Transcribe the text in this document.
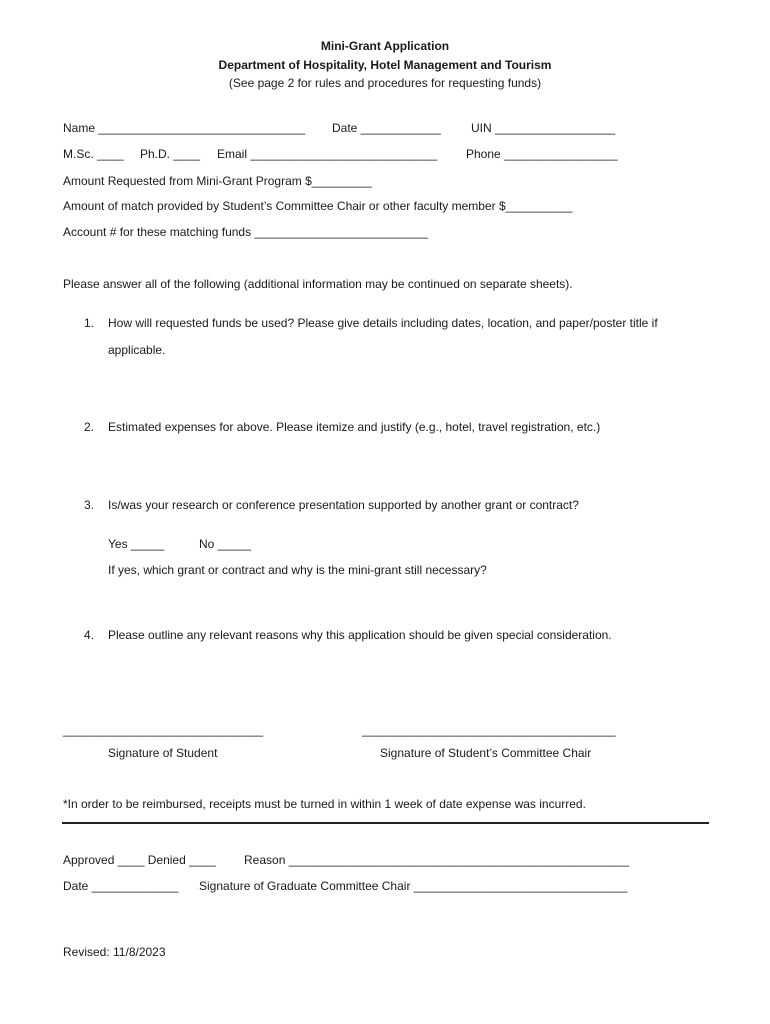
Mini-Grant Application
Department of Hospitality, Hotel Management and Tourism
(See page 2 for rules and procedures for requesting funds)
Name _______________________________ Date ____________	UIN __________________
M.Sc. ____ Ph.D. ____ Email ____________________________ Phone _________________
Amount Requested from Mini-Grant Program $_________
Amount of match provided by Student’s Committee Chair or other faculty member $__________
Account # for these matching funds __________________________
Please answer all of the following (additional information may be continued on separate sheets).
1. How will requested funds be used? Please give details including dates, location, and paper/poster title if
applicable.
2. Estimated expenses for above. Please itemize and justify (e.g., hotel, travel registration, etc.)
3. Is/was your research or conference presentation supported by another grant or contract?
Yes _____	No _____
If yes, which grant or contract and why is the mini-grant still necessary?
4. Please outline any relevant reasons why this application should be given special consideration.
______________________________	______________________________________
Signature of Student	Signature of Student’s Committee Chair
*In order to be reimbursed, receipts must be turned in within 1 week of date expense was incurred.
Approved ____ Denied ____ Reason ___________________________________________________
Date _____________ Signature of Graduate Committee Chair ________________________________
Revised: 11/8/2023
